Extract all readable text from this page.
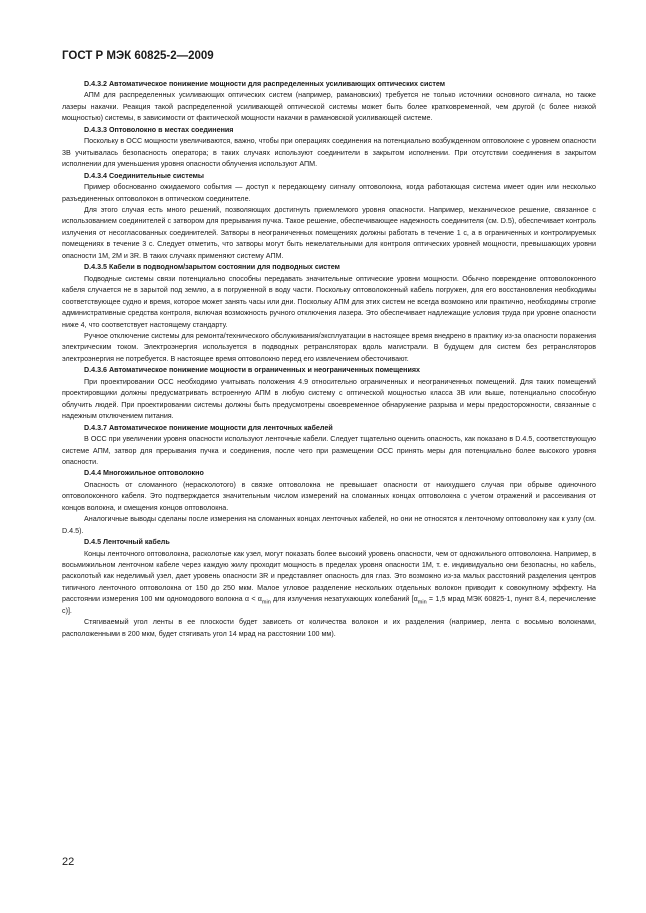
ГОСТ Р МЭК 60825-2—2009

D.4.3.2 Автоматическое понижение мощности для распределенных усиливающих оптических систем

АПМ для распределенных усиливающих оптических систем (например, рамановских) требуется не только источники основного сигнала, но также лазеры накачки. Реакция такой распределенной усиливающей оптической системы может быть более кратковременной, чем другой (с более низкой мощностью) системы, в зависимости от фактической мощности накачки в рамановской усиливающей системе.

D.4.3.3 Оптоволокно в местах соединения

Поскольку в ОСС мощности увеличиваются, важно, чтобы при операциях соединения на потенциально возбужденном оптоволокне с уровнем опасности 3В учитывалась безопасность оператора; в таких случаях используют соединители в закрытом исполнении. При отсутствии соединения в закрытом исполнении для уменьшения уровня опасности облучения используют АПМ.

D.4.3.4 Соединительные системы

Пример обоснованно ожидаемого события — доступ к передающему сигналу оптоволокна, когда работающая система имеет один или несколько разъединенных оптоволокон в оптическом соединителе.

Для этого случая есть много решений, позволяющих достигнуть приемлемого уровня опасности. Например, механическое решение, связанное с использованием соединителей с затвором для прерывания пучка. Такое решение, обеспечивающее надежность соединителя (см. D.5), обеспечивает контроль излучения от несогласованных соединителей. Затворы в неограниченных помещениях должны работать в течение 1 с, а в ограниченных и контролируемых помещениях в течение 3 с. Следует отметить, что затворы могут быть нежелательными для контроля оптических уровней мощности, превышающих уровни опасности 1М, 2М и 3R. В таких случаях применяют систему АПМ.

D.4.3.5 Кабели в подводном/зарытом состоянии для подводных систем

Подводные системы связи потенциально способны передавать значительные оптические уровни мощности. Обычно повреждение оптоволоконного кабеля случается не в зарытой под землю, а в погруженной в воду части. Поскольку оптоволоконный кабель погружен, для его восстановления необходимы соответствующее судно и время, которое может занять часы или дни. Поскольку АПМ для этих систем не всегда возможно или практично, необходимы строгие административные средства контроля, включая возможность ручного отключения лазера. Это обеспечивает надлежащие условия труда при уровне опасности ниже 4, что соответствует настоящему стандарту.

Ручное отключение системы для ремонта/технического обслуживания/эксплуатации в настоящее время внедрено в практику из-за опасности поражения электрическим током. Электроэнергия используется в подводных ретрансляторах вдоль магистрали. В будущем для систем без ретрансляторов электроэнергия не потребуется. В настоящее время оптоволокно перед его извлечением обесточивают.

D.4.3.6 Автоматическое понижение мощности в ограниченных и неограниченных помещениях

При проектировании ОСС необходимо учитывать положения 4.9 относительно ограниченных и неограниченных помещений. Для таких помещений проектировщики должны предусматривать встроенную АПМ в любую систему с оптической мощностью класса 3В или выше, потенциально способную облучить людей. При проектировании системы должны быть предусмотрены своевременное обнаружение разрыва и меры предосторожности, связанные с надежным отключением питания.

D.4.3.7 Автоматическое понижение мощности для ленточных кабелей

В ОСС при увеличении уровня опасности используют ленточные кабели. Следует тщательно оценить опасность, как показано в D.4.5, соответствующую системе АПМ, затвор для прерывания пучка и соединения, после чего при размещении ОСС принять меры для потенциально более высокого уровня опасности.

D.4.4 Многожильное оптоволокно

Опасность от сломанного (нерасколотого) в связке оптоволокна не превышает опасности от наихудшего случая при обрыве одиночного оптоволоконного кабеля. Это подтверждается значительным числом измерений на сломанных концах оптоволокна с учетом отражений и рассеивания от концов волокна, и смещения концов оптоволокна.

Аналогичные выводы сделаны после измерения на сломанных концах ленточных кабелей, но они не относятся к ленточному оптоволокну как к узлу (см. D.4.5).

D.4.5 Ленточный кабель

Концы ленточного оптоволокна, расколотые как узел, могут показать более высокий уровень опасности, чем от одножильного оптоволокна. Например, в восьмижильном ленточном кабеле через каждую жилу проходит мощность в пределах уровня опасности 1М, т. е. индивидуально они безопасны, но кабель, расколотый как неделимый узел, дает уровень опасности 3R и представляет опасность для глаз. Это возможно из-за малых расстояний разделения центров типичного ленточного оптоволокна от 150 до 250 мкм. Малое угловое разделение нескольких отдельных волокон приводит к совокупному эффекту. На расстоянии измерения 100 мм одномодового волокна $\alpha < \alpha_{min}$ для излучения незатухающих колебаний [$\alpha_{min} = 1,5$ мрад МЭК 60825-1, пункт 8.4, перечисление с)].

Стягиваемый угол ленты в ее плоскости будет зависеть от количества волокон и их разделения (например, лента с восьмью волокнами, расположенными в 200 мкм, будет стягивать угол 14 мрад на расстоянии 100 мм).

22
